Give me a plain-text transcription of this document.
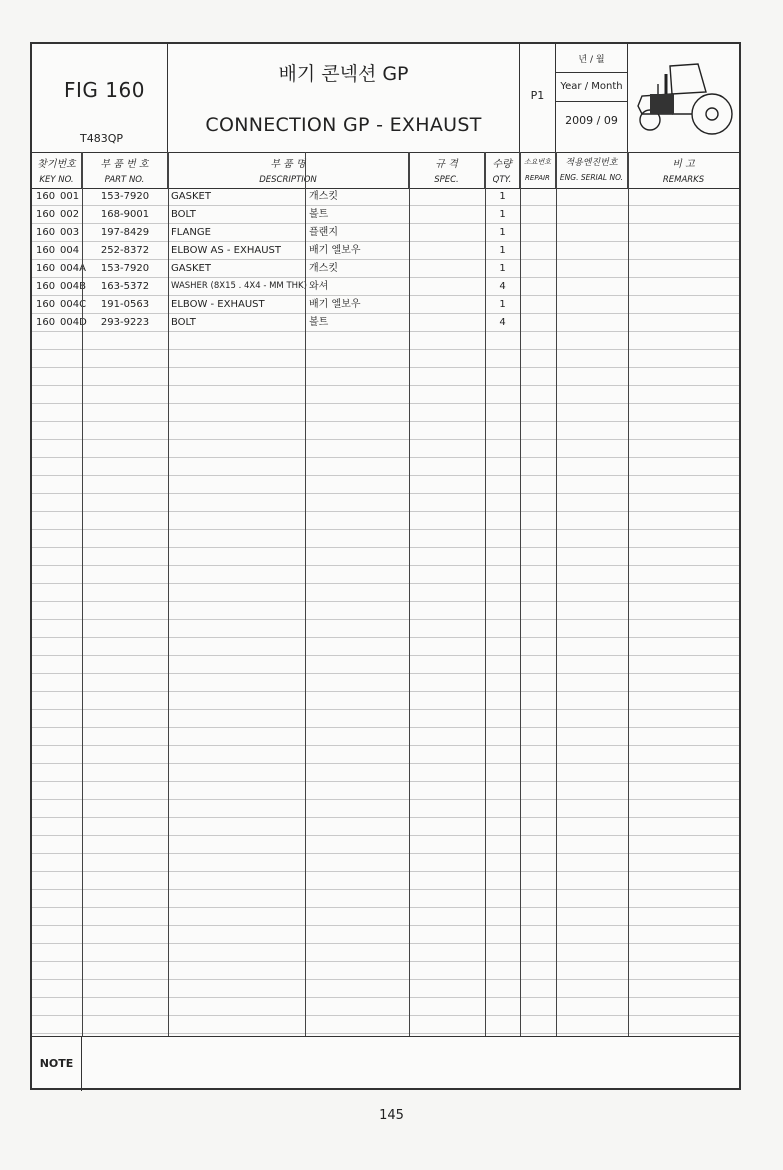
FIG 160
T483QP
배기 콘넥션 GP
CONNECTION GP - EXHAUST
P1
년 / 월
Year / Month
2009 / 09
찾기번호
KEY NO.
부 품 번 호
PART NO.
부 품 명
DESCRIPTION
규 격
SPEC.
수량
QTY.
소요번호
REPAIR
적용엔진번호
ENG. SERIAL NO.
비 고
REMARKS
160 001	153-7920	GASKET	개스킷	1
160 002	168-9001	BOLT	볼트	1
160 003	197-8429	FLANGE	플랜지	1
160 004	252-8372	ELBOW AS - EXHAUST	배기 엘보우	1
160 004A	153-7920	GASKET	개스킷	1
160 004B	163-5372	WASHER (8X15 . 4X4 - MM THK) 와셔	4
160 004C	191-0563	ELBOW - EXHAUST	배기 엘보우	1
160 004D	293-9223	BOLT	볼트	4
NOTE
145
